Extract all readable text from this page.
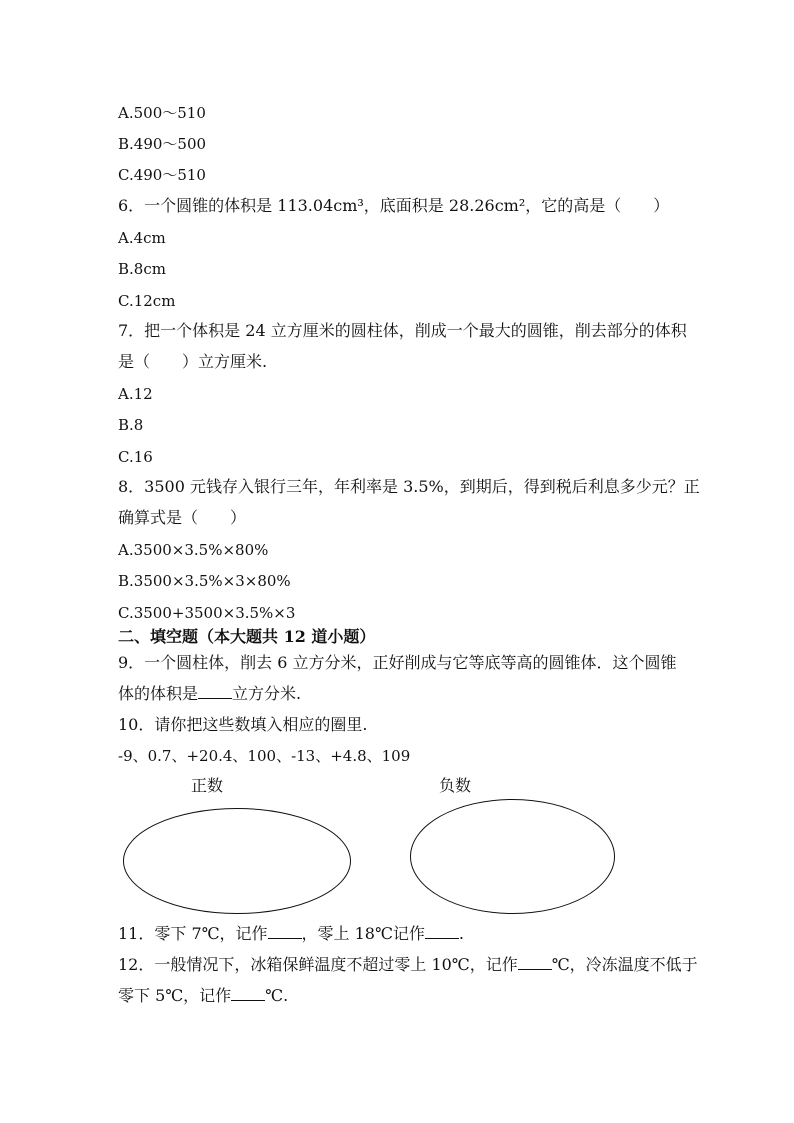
A.500～510
B.490～500
C.490～510
6．一个圆锥的体积是 113.04cm³，底面积是 28.26cm²，它的高是（　　）
A.4cm
B.8cm
C.12cm
7．把一个体积是 24 立方厘米的圆柱体，削成一个最大的圆锥，削去部分的体积
是（　　）立方厘米.
A.12
B.8
C.16
8．3500 元钱存入银行三年，年利率是 3.5%，到期后，得到税后利息多少元？正
确算式是（　　）
A.3500×3.5%×80%
B.3500×3.5%×3×80%
C.3500+3500×3.5%×3
二、填空题（本大题共 12 道小题）
9．一个圆柱体，削去 6 立方分米，正好削成与它等底等高的圆锥体．这个圆锥
体的体积是 立方分米.
10．请你把这些数填入相应的圈里.
-9、0.7、+20.4、100、-13、+4.8、109
正数	负数
11．零下 7℃，记作 ，零上 18℃记作 .
12．一般情况下，冰箱保鲜温度不超过零上 10℃，记作 ℃，冷冻温度不低于
零下 5℃，记作 ℃.
